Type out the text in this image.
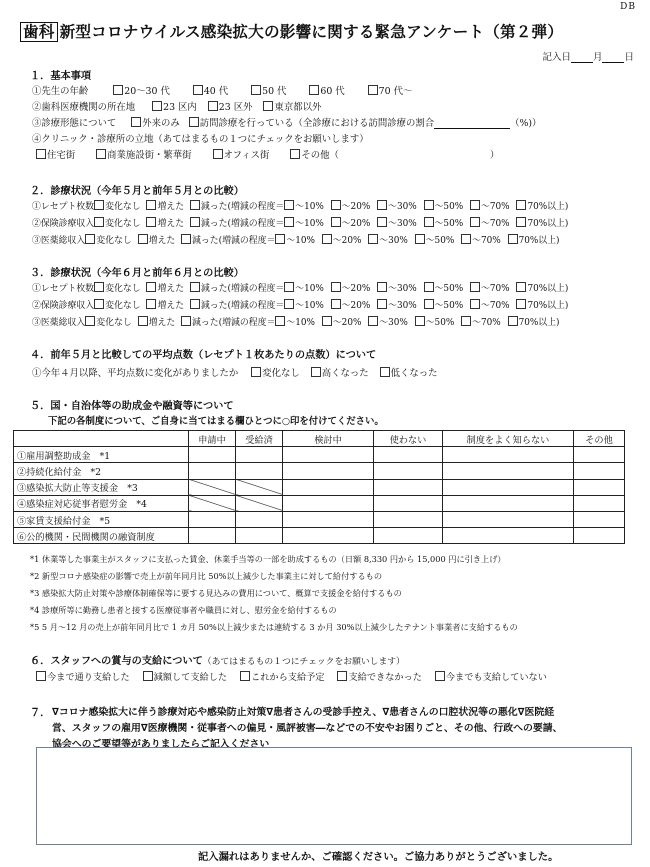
DB
歯科 新型コロナウイルス感染拡大の影響に関する緊急アンケート（第２弾）
記入日 月 日
１．基本事項
①先生の年齢	20～30 代	40 代	50 代	60 代	70 代～
②歯科医療機関の所在地	23 区内 23 区外 東京都以外
③診療形態について	外来のみ 訪問診療を行っている（全診療における訪問診療の割合	（%)）
④クリニック・診療所の立地（あてはまるもの１つにチェックをお願いします）
住宅街	商業施設街・繁華街	オフィス街	その他（	）
２．診療状況（今年５月と前年５月との比較）
①レセプト枚数 変化なし 増えた 減った(増減の程度＝ ～10% ～20% ～30% ～50% ～70% 70%以上)
②保険診療収入 変化なし 増えた 減った(増減の程度＝ ～10% ～20% ～30% ～50% ～70% 70%以上)
③医薬総収入 変化なし 増えた 減った(増減の程度＝ ～10% ～20% ～30% ～50% ～70% 70%以上)
３．診療状況（今年６月と前年６月との比較）
①レセプト枚数 変化なし 増えた 減った(増減の程度＝ ～10% ～20% ～30% ～50% ～70% 70%以上)
②保険診療収入 変化なし 増えた 減った(増減の程度＝ ～10% ～20% ～30% ～50% ～70% 70%以上)
③医薬総収入 変化なし 増えた 減った(増減の程度＝ ～10% ～20% ～30% ～50% ～70% 70%以上)
４．前年５月と比較しての平均点数（レセプト１枚あたりの点数）について
①今年４月以降、平均点数に変化がありましたか	変化なし 高くなった 低くなった
５．国・自治体等の助成金や融資等について
下記の各制度について、ご自身に当てはまる欄ひとつに○印を付けてください。
	申請中	受給済	検討中	使わない	制度をよく知らない	その他
①雇用調整助成金　*1						
②持続化給付金　*2						
③感染拡大防止等支援金　*3						
④感染症対応従事者慰労金　*4						
⑤家賃支援給付金　*5						
⑥公的機関・民間機関の融資制度						
*1 休業等した事業主がスタッフに支払った賃金、休業手当等の一部を助成するもの（日額 8,330 円から 15,000 円に引き上げ）
*2 新型コロナ感染症の影響で売上が前年同月比 50%以上減少した事業主に対して給付するもの
*3 感染拡大防止対策や診療体制確保等に要する見込みの費用について、概算で支援金を給付するもの
*4 診療所等に勤務し患者と接する医療従事者や職員に対し、慰労金を給付するもの
*5 5 月～12 月の売上が前年同月比で 1 カ月 50%以上減少または連続する 3 か月 30%以上減少したテナント事業者に支給するもの
６．スタッフへの賞与の支給について（あてはまるもの１つにチェックをお願いします）
今まで通り支給した	減額して支給した	これから支給予定	支給できなかった	今までも支給していない
７． ∇コロナ感染拡大に伴う診療対応や感染防止対策∇患者さんの受診手控え、∇患者さんの口腔状況等の悪化∇医院経
営、スタッフの雇用∇医療機関・従事者への偏見・風評被害―などでの不安やお困りごと、その他、行政への要請、
協会へのご要望等がありましたらご記入ください
記入漏れはありませんか、ご確認ください。ご協力ありがとうございました。
